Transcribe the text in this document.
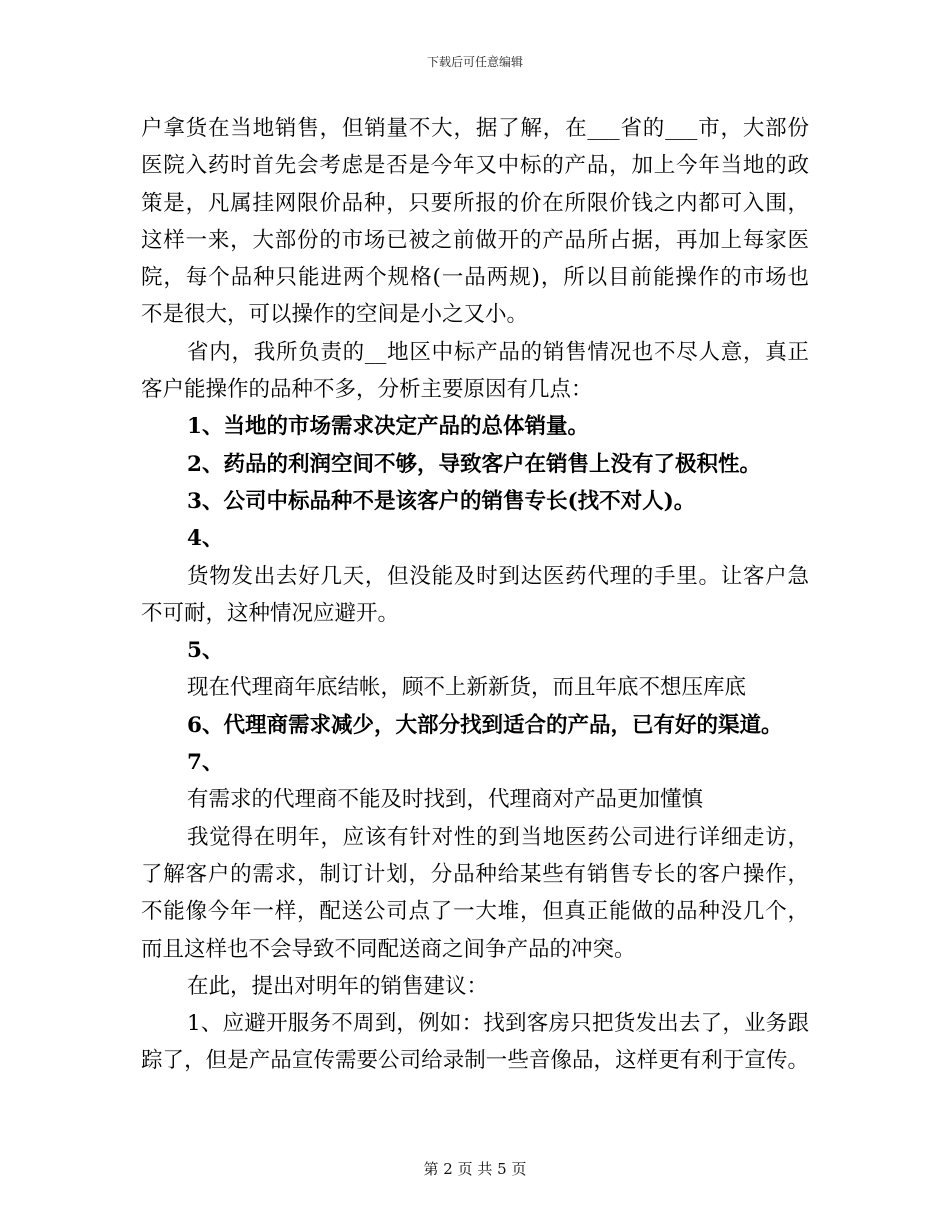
下载后可任意编辑
户拿货在当地销售，但销量不大，据了解，在___省的___市，大部份
医院入药时首先会考虑是否是今年又中标的产品，加上今年当地的政
策是，凡属挂网限价品种，只要所报的价在所限价钱之内都可入围，
这样一来，大部份的市场已被之前做开的产品所占据，再加上每家医
院，每个品种只能进两个规格(一品两规)，所以目前能操作的市场也
不是很大，可以操作的空间是小之又小。
省内，我所负责的__地区中标产品的销售情况也不尽人意，真正
客户能操作的品种不多，分析主要原因有几点：
1、当地的市场需求决定产品的总体销量。
2、药品的利润空间不够，导致客户在销售上没有了极积性。
3、公司中标品种不是该客户的销售专长(找不对人)。
4、
货物发出去好几天，但没能及时到达医药代理的手里。让客户急
不可耐，这种情况应避开。
5、
现在代理商年底结帐，顾不上新新货，而且年底不想压库底
6、代理商需求减少，大部分找到适合的产品，已有好的渠道。
7、
有需求的代理商不能及时找到，代理商对产品更加懂慎
我觉得在明年，应该有针对性的到当地医药公司进行详细走访，
了解客户的需求，制订计划，分品种给某些有销售专长的客户操作，
不能像今年一样，配送公司点了一大堆，但真正能做的品种没几个，
而且这样也不会导致不同配送商之间争产品的冲突。
在此，提出对明年的销售建议：
1、应避开服务不周到，例如：找到客房只把货发出去了，业务跟
踪了，但是产品宣传需要公司给录制一些音像品，这样更有利于宣传。
第 2 页 共 5 页
